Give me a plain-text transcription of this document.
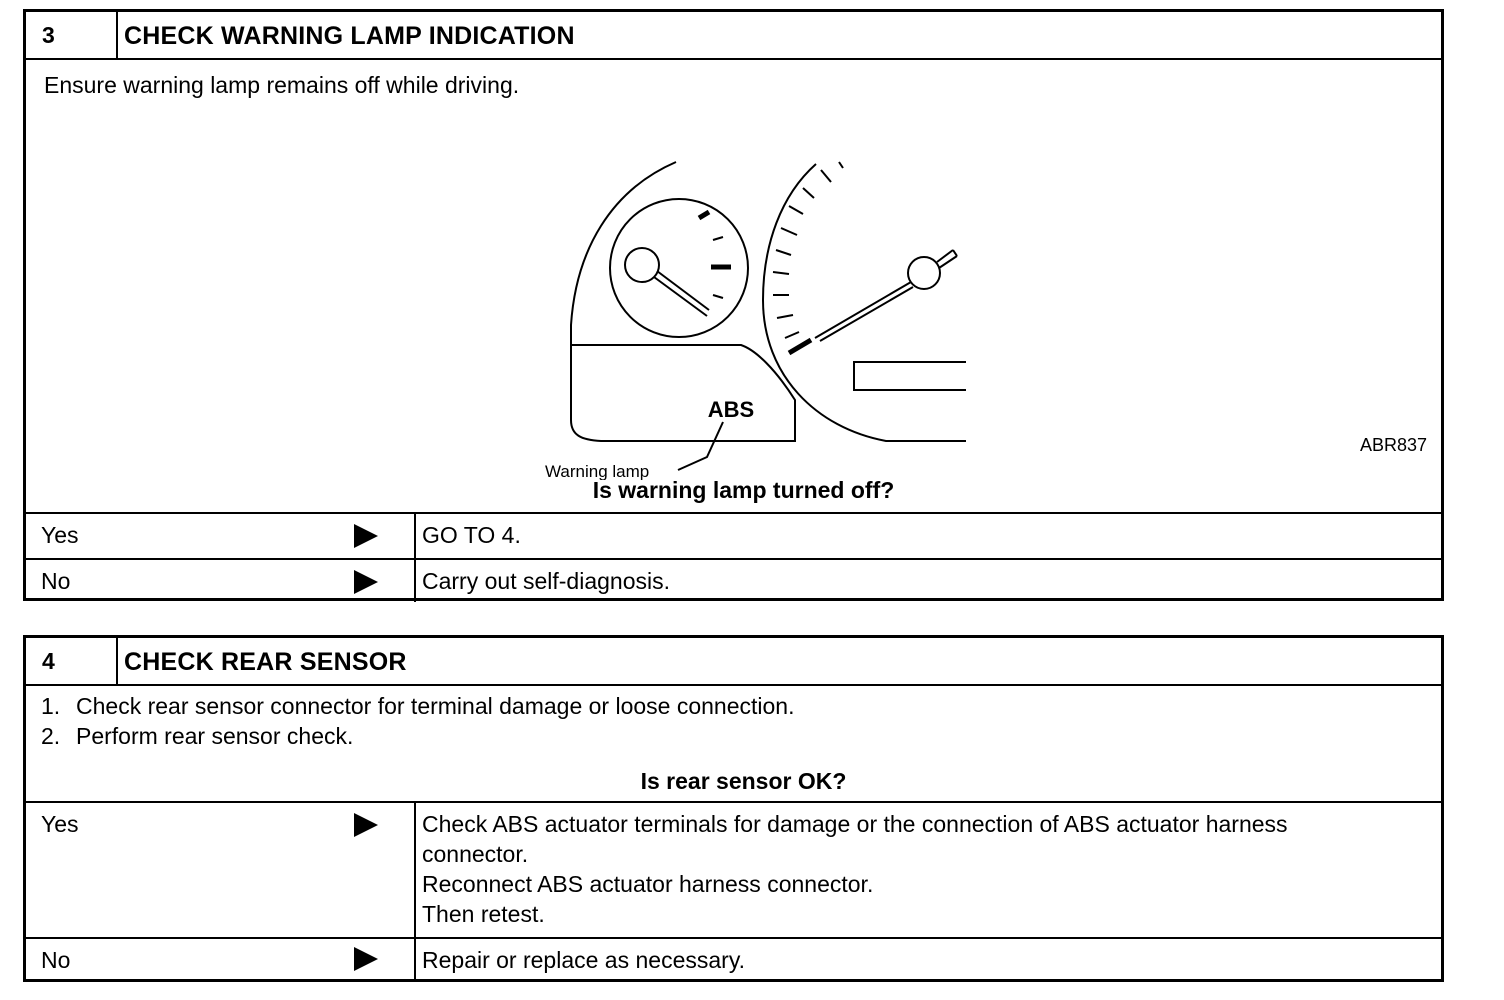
3	CHECK WARNING LAMP INDICATION
Ensure warning lamp remains off while driving.
ABS
Warning lamp
ABR837
Is warning lamp turned off?
Yes	GO TO 4.
No	Carry out self-diagnosis.
4	CHECK REAR SENSOR
1. Check rear sensor connector for terminal damage or loose connection.
2. Perform rear sensor check.
Is rear sensor OK?
Yes	Check ABS actuator terminals for damage or the connection of ABS actuator harness
connector.
Reconnect ABS actuator harness connector.
Then retest.
No	Repair or replace as necessary.
